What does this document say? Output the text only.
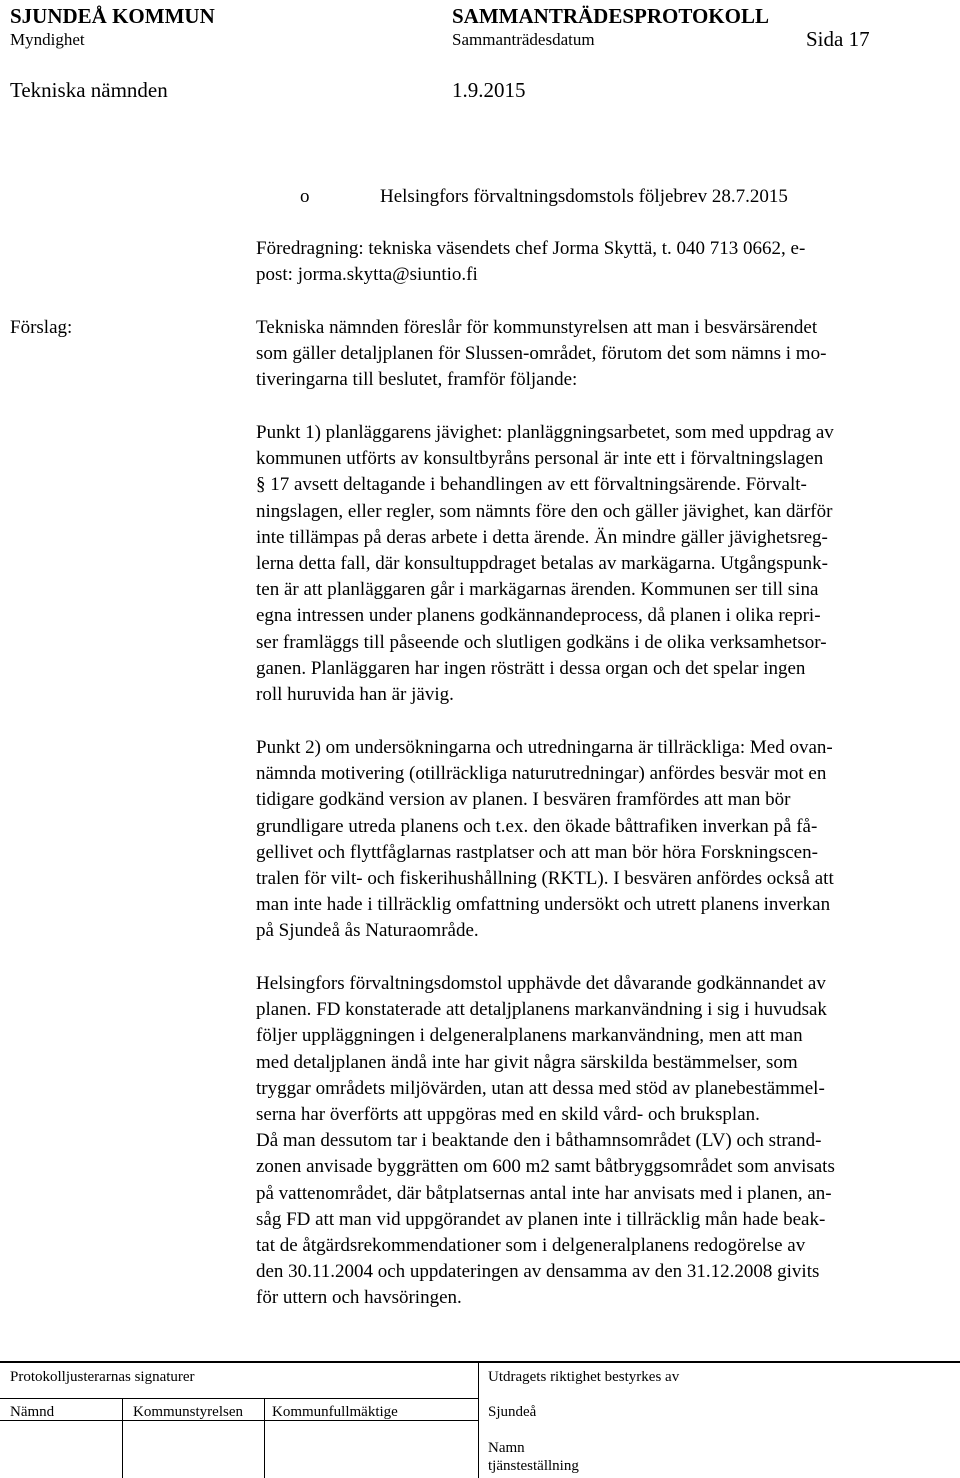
SJUNDEÅ KOMMUN	SAMMANTRÄDESPROTOKOLL
Myndighet	Sammanträdesdatum	Sida 17
Tekniska nämnden	1.9.2015
o	Helsingfors förvaltningsdomstols följebrev 28.7.2015
Föredragning: tekniska väsendets chef Jorma Skyttä, t. 040 713 0662, e-
post: jorma.skytta@siuntio.fi
Förslag:	Tekniska nämnden föreslår för kommunstyrelsen att man i besvärsärendet
som gäller detaljplanen för Slussen-området, förutom det som nämns i mo-
tiveringarna till beslutet, framför följande:
Punkt 1) planläggarens jävighet: planläggningsarbetet, som med uppdrag av
kommunen utförts av konsultbyråns personal är inte ett i förvaltningslagen
§ 17 avsett deltagande i behandlingen av ett förvaltningsärende. Förvalt-
ningslagen, eller regler, som nämnts före den och gäller jävighet, kan därför
inte tillämpas på deras arbete i detta ärende. Än mindre gäller jävighetsreg-
lerna detta fall, där konsultuppdraget betalas av markägarna. Utgångspunk-
ten är att planläggaren går i markägarnas ärenden. Kommunen ser till sina
egna intressen under planens godkännandeprocess, då planen i olika repri-
ser framläggs till påseende och slutligen godkäns i de olika verksamhetsor-
ganen. Planläggaren har ingen rösträtt i dessa organ och det spelar ingen
roll huruvida han är jävig.
Punkt 2) om undersökningarna och utredningarna är tillräckliga: Med ovan-
nämnda motivering (otillräckliga naturutredningar) anfördes besvär mot en
tidigare godkänd version av planen. I besvären framfördes att man bör
grundligare utreda planens och t.ex. den ökade båttrafiken inverkan på få-
gellivet och flyttfåglarnas rastplatser och att man bör höra Forskningscen-
tralen för vilt- och fiskerihushållning (RKTL). I besvären anfördes också att
man inte hade i tillräcklig omfattning undersökt och utrett planens inverkan
på Sjundeå ås Naturaområde.
Helsingfors förvaltningsdomstol upphävde det dåvarande godkännandet av
planen. FD konstaterade att detaljplanens markanvändning i sig i huvudsak
följer uppläggningen i delgeneralplanens markanvändning, men att man
med detaljplanen ändå inte har givit några särskilda bestämmelser, som
tryggar områdets miljövärden, utan att dessa med stöd av planebestämmel-
serna har överförts att uppgöras med en skild vård- och bruksplan.
Då man dessutom tar i beaktande den i båthamnsområdet (LV) och strand-
zonen anvisade byggrätten om 600 m2 samt båtbryggsområdet som anvisats
på vattenområdet, där båtplatsernas antal inte har anvisats med i planen, an-
såg FD att man vid uppgörandet av planen inte i tillräcklig mån hade beak-
tat de åtgärdsrekommendationer som i delgeneralplanens redogörelse av
den 30.11.2004 och uppdateringen av densamma av den 31.12.2008 givits
för uttern och havsöringen.
Protokolljusterarnas signaturer	Utdragets riktighet bestyrkes av
Nämnd	Kommunstyrelsen Kommunfullmäktige	Sjundeå
Namn
tjänsteställning
